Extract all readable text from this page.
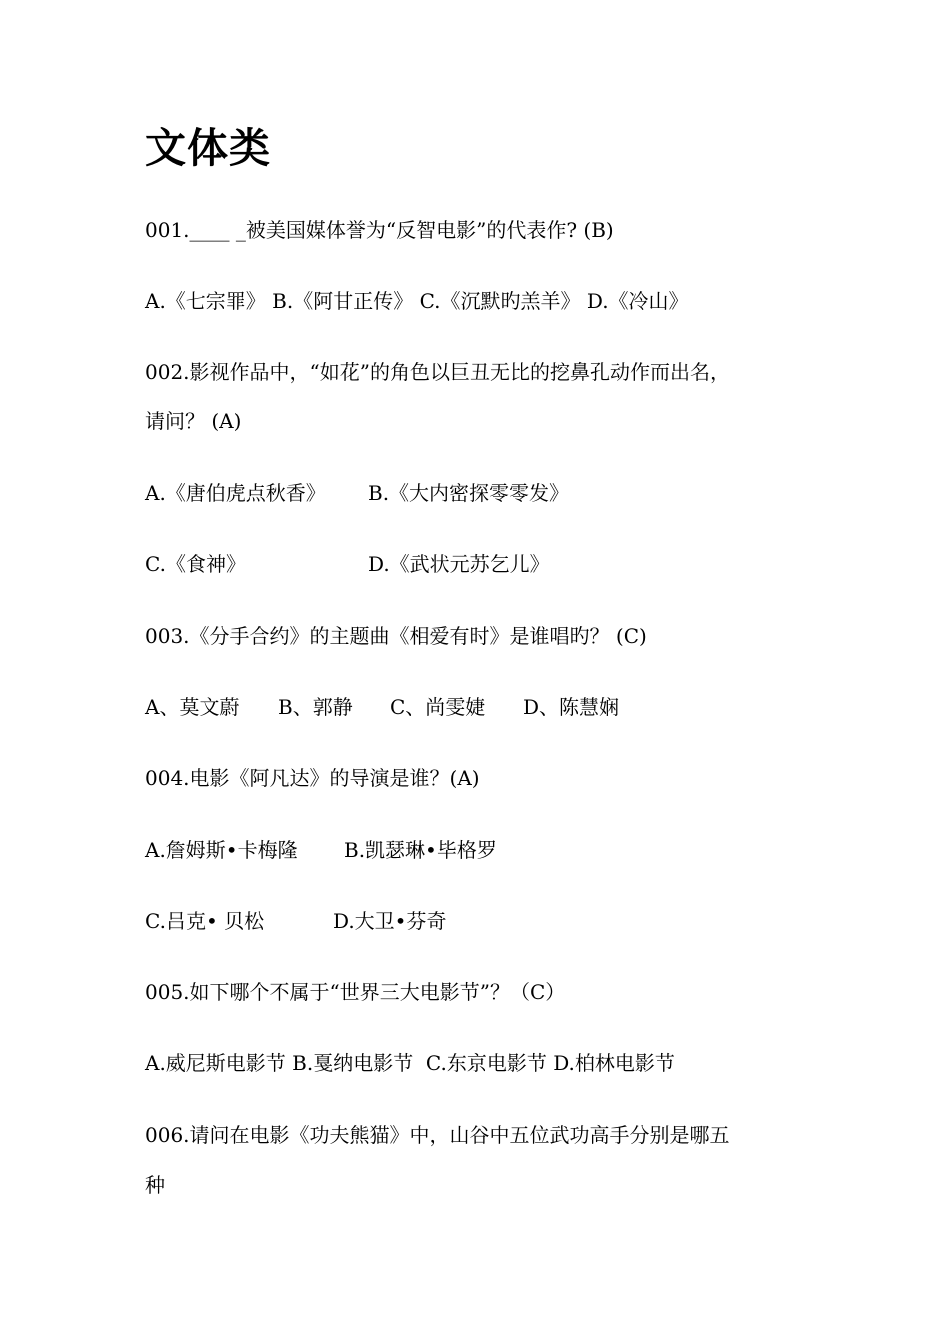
文体类

001.____ _被美国媒体誉为“反智电影”的代表作? (B)

A.《七宗罪》 B.《阿甘正传》 C.《沉默旳羔羊》 D.《冷山》

002.影视作品中，“如花”的角色以巨丑无比的挖鼻孔动作而出名，

请问？ (A)

A.《唐伯虎点秋香》 B.《大内密探零零发》

C.《食神》	D.《武状元苏乞儿》

003.《分手合约》的主题曲《相爱有时》是谁唱旳？ (C)

A、莫文蔚 B、郭静 C、尚雯婕 D、陈慧娴

004.电影《阿凡达》的导演是谁？(A)

A.詹姆斯•卡梅隆 B.凯瑟琳•毕格罗

C.吕克• 贝松	D.大卫•芬奇

005.如下哪个不属于“世界三大电影节”？（C）

A.威尼斯电影节 B.戛纳电影节  C.东京电影节 D.柏林电影节

006.请问在电影《功夫熊猫》中，山谷中五位武功高手分别是哪五

种
